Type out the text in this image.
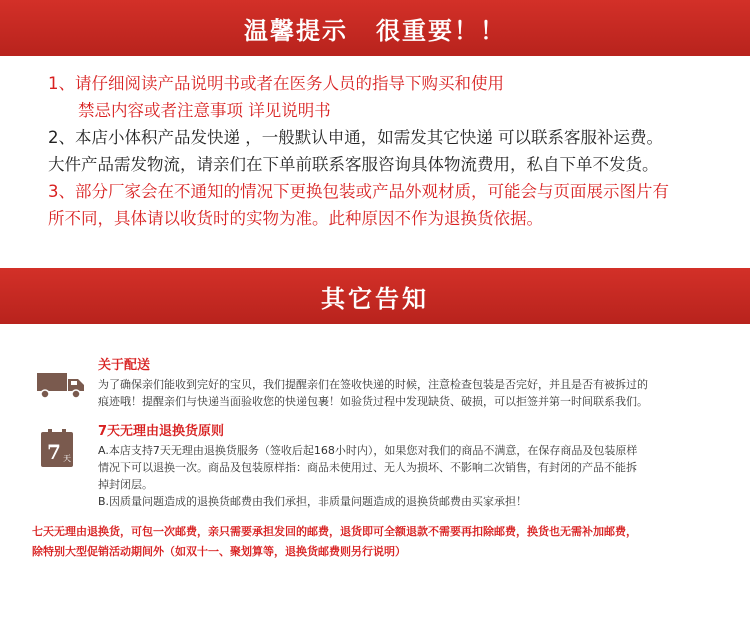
温馨提示 很重要！！

1、请仔细阅读产品说明书或者在医务人员的指导下购买和使用

禁忌内容或者注意事项 详见说明书

2、本店小体积产品发快递 ，一般默认申通，如需发其它快递 可以联系客服补运费。

大件产品需发物流，请亲们在下单前联系客服咨询具体物流费用，私自下单不发货。

3、部分厂家会在不通知的情况下更换包装或产品外观材质，可能会与页面展示图片有

所不同，具体请以收货时的实物为准。此种原因不作为退换货依据。

其它告知
关于配送

为了确保亲们能收到完好的宝贝，我们提醒亲们在签收快递的时候，注意检查包装是否完好，并且是否有被拆过的

痕迹哦！提醒亲们与快递当面验收您的快递包裹！如验货过程中发现缺货、破损，可以拒签并第一时间联系我们。

7 天
7天无理由退换货原则

A.本店支持7天无理由退换货服务（签收后起168小时内），如果您对我们的商品不满意，在保存商品及包装原样

情况下可以退换一次。商品及包装原样指：商品未使用过、无人为损坏、不影响二次销售，有封闭的产品不能拆

掉封闭层。

B.因质量问题造成的退换货邮费由我们承担，非质量问题造成的退换货邮费由买家承担！

七天无理由退换货，可包一次邮费，亲只需要承担发回的邮费，退货即可全额退款不需要再扣除邮费，换货也无需补加邮费，

除特别大型促销活动期间外（如双十一、聚划算等，退换货邮费则另行说明）
